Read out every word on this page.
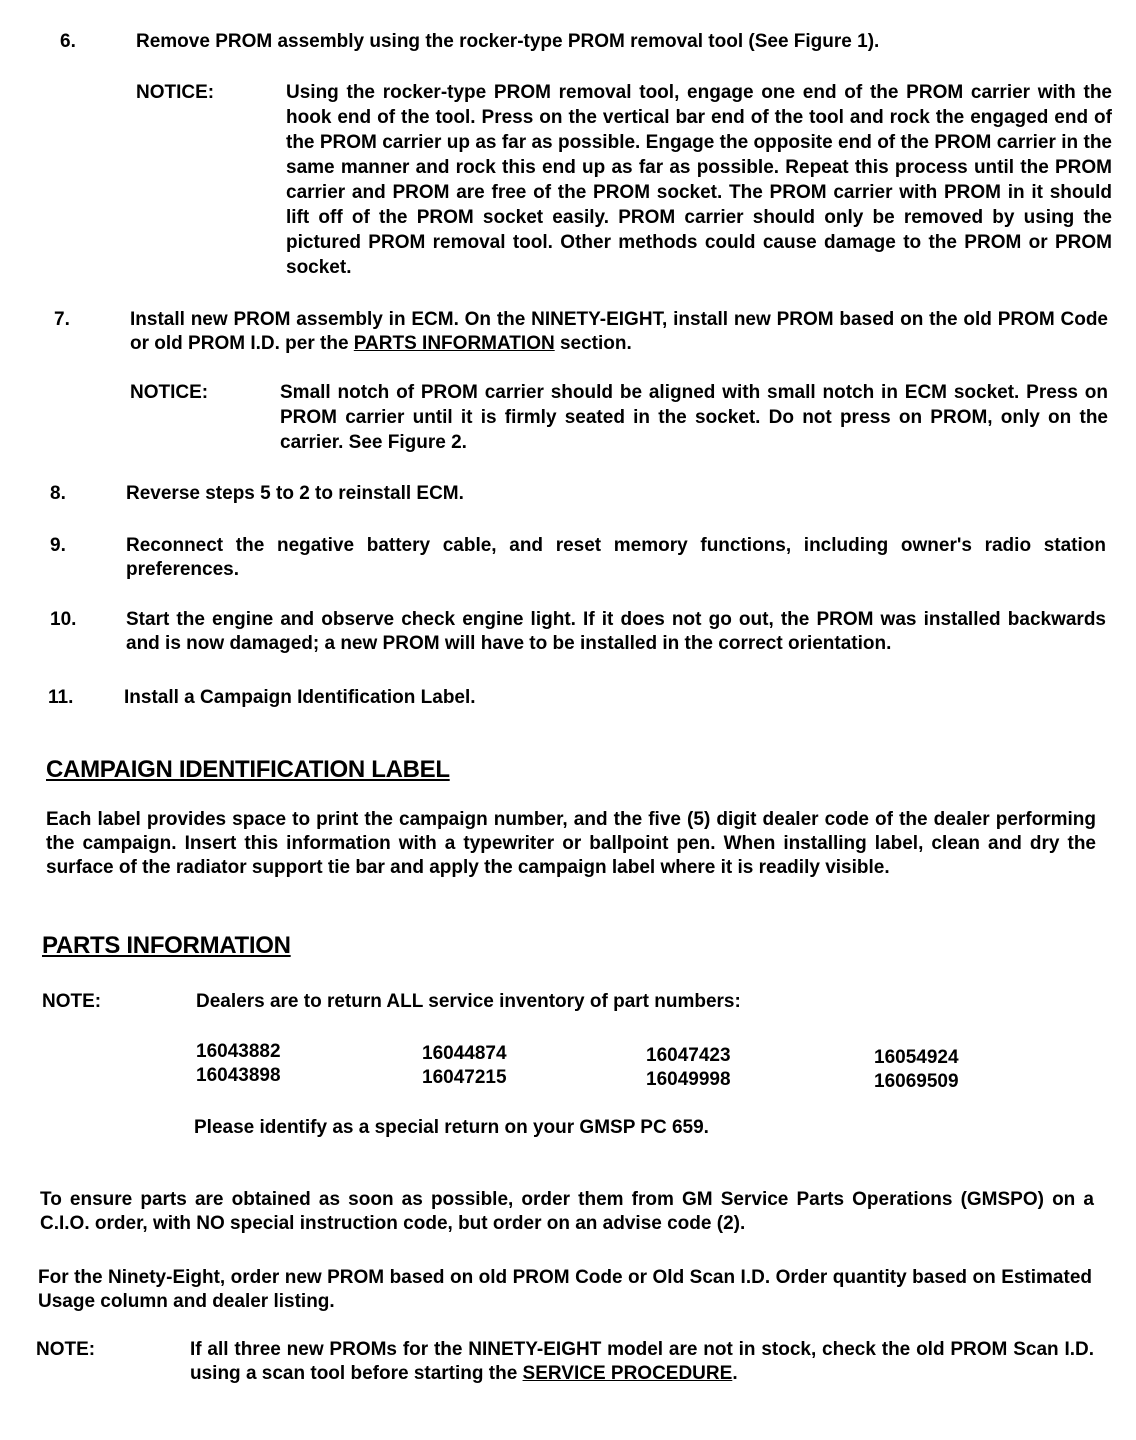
6.	Remove PROM assembly using the rocker-type PROM removal tool (See Figure 1).
NOTICE:	Using the rocker-type PROM removal tool, engage one end of the PROM carrier with the hook end of the tool. Press on the vertical bar end of the tool and rock the engaged end of the PROM carrier up as far as possible. Engage the opposite end of the PROM carrier in the same manner and rock this end up as far as possible. Repeat this process until the PROM carrier and PROM are free of the PROM socket. The PROM carrier with PROM in it should lift off of the PROM socket easily. PROM carrier should only be removed by using the pictured PROM removal tool. Other methods could cause damage to the PROM or PROM socket.
7.	Install new PROM assembly in ECM. On the NINETY-EIGHT, install new PROM based on the old PROM Code or old PROM I.D. per the PARTS INFORMATION section.
NOTICE:	Small notch of PROM carrier should be aligned with small notch in ECM socket. Press on PROM carrier until it is firmly seated in the socket. Do not press on PROM, only on the carrier. See Figure 2.
8.	Reverse steps 5 to 2 to reinstall ECM.
9.	Reconnect the negative battery cable, and reset memory functions, including owner's radio station preferences.
10.	Start the engine and observe check engine light. If it does not go out, the PROM was installed backwards and is now damaged; a new PROM will have to be installed in the correct orientation.
11.	Install a Campaign Identification Label.
CAMPAIGN IDENTIFICATION LABEL
Each label provides space to print the campaign number, and the five (5) digit dealer code of the dealer performing the campaign. Insert this information with a typewriter or ballpoint pen. When installing label, clean and dry the surface of the radiator support tie bar and apply the campaign label where it is readily visible.
PARTS INFORMATION
NOTE:	Dealers are to return ALL service inventory of part numbers:
16043882	16044874	16047423	16054924
16043898	16047215	16049998	16069509
Please identify as a special return on your GMSP PC 659.
To ensure parts are obtained as soon as possible, order them from GM Service Parts Operations (GMSPO) on a C.I.O. order, with NO special instruction code, but order on an advise code (2).
For the Ninety-Eight, order new PROM based on old PROM Code or Old Scan I.D. Order quantity based on Estimated Usage column and dealer listing.
NOTE:	If all three new PROMs for the NINETY-EIGHT model are not in stock, check the old PROM Scan I.D. using a scan tool before starting the SERVICE PROCEDURE.
